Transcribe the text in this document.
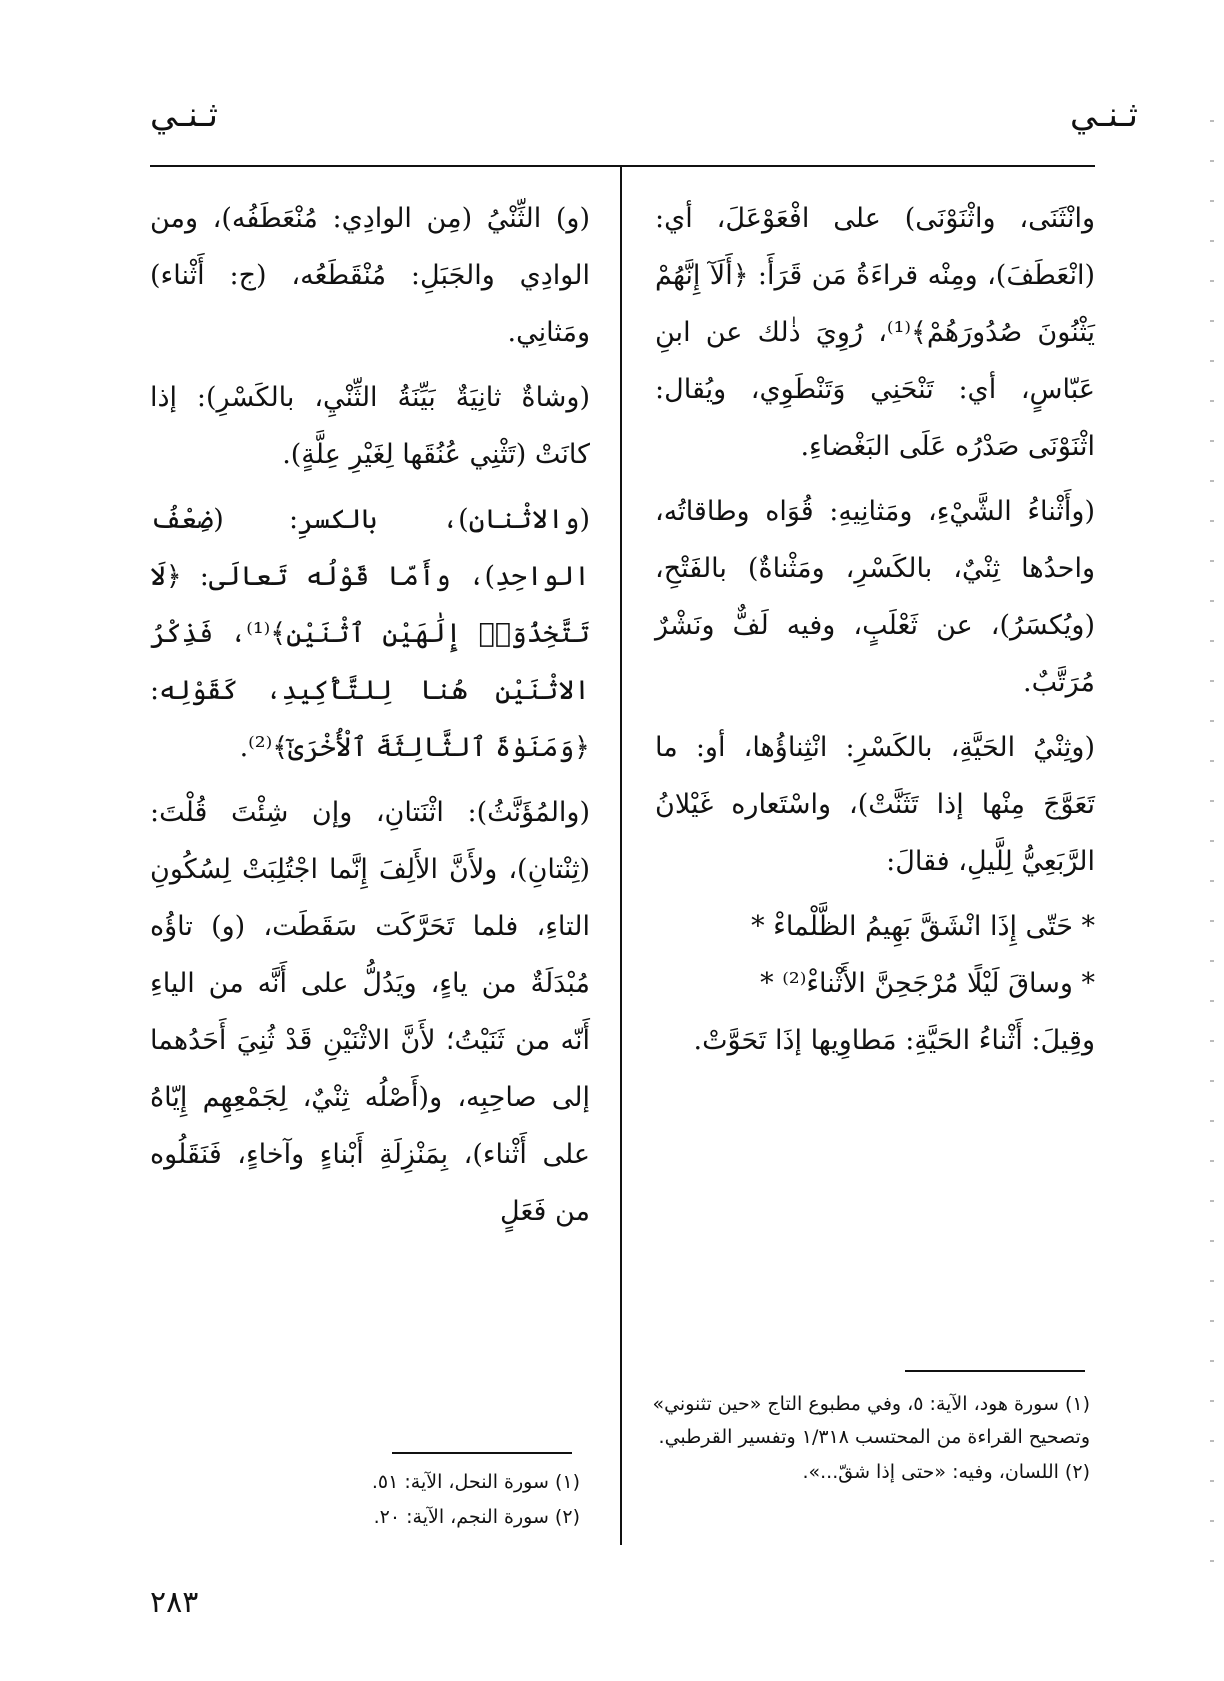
ثـنـي
ثـنـي

وانْثَنَى، واثْنَوْنَى) على افْعَوْعَلَ، أي: (انْعَطَفَ)، ومِنْه قراءَةُ مَن قَرَأَ: ﴿أَلَآ إِنَّهُمْ يَثْنُونَ صُدُورَهُمْ﴾⁽¹⁾، رُوِيَ ذٰلك عن ابنِ عَبّاسٍ، أي: تَنْحَنِي وَتَنْطَوِي، ويُقال: اثْنَوْنَى صَدْرُه عَلَى البَغْضاءِ.

(وأَثْناءُ الشَّيْءِ، ومَثانِيهِ: قُوَاه وطاقاتُه، واحدُها ثِنْيٌ، بالكَسْرِ، ومَثْناةٌ) بالفَتْحِ، (ويُكسَرُ)، عن ثَعْلَبٍ، وفيه لَفٌّ ونَشْرٌ مُرَتَّبٌ.

(وثِنْيُ الحَيَّةِ، بالكَسْرِ: انْثِناؤُها، أو: ما تَعَوَّجَ مِنْها إذا تَثَنَّتْ)، واسْتَعاره غَيْلانُ الرَّبَعِيُّ لِلَّيلِ، فقالَ:

* حَتّى إِذَا انْشَقَّ بَهِيمُ الظَّلْماءْ *

* وساقَ لَيْلًا مُرْجَحِنَّ الأَثْناءْ⁽²⁾ *

وقِيلَ: أَثْناءُ الحَيَّةِ: مَطاوِيها إذَا تَحَوَّتْ.

(و) الثِّنْيُ (مِن الوادِي: مُنْعَطَفُه)، ومن الوادِي والجَبَلِ: مُنْقَطَعُه، (ج: أَثْناء) ومَثانِي.

(وشاةٌ ثانِيَةٌ بَيِّنَةُ الثِّنْيِ، بالكَسْرِ): إذا كانَتْ (تَثْنِي عُنُقَها لِغَيْرِ عِلَّةٍ).

(والاثْنانِ)، بالكسرِ: (ضِعْفُ الواحِدِ)، وأَمّا قَوْلُه تَعالَى: ﴿لَا تَتَّخِذُوٓا۟ إِلَٰهَيْنِ ٱثْنَيْنِ﴾⁽¹⁾، فَذِكْرُ الاثْنَيْنِ هُنا لِلتَّأْكِيدِ، كَقَوْلِه: ﴿وَمَنَوٰةَ ٱلثَّالِثَةَ ٱلْأُخْرَىٰٓ﴾⁽²⁾.

(والمُؤَنَّثُ): اثْنَتانِ، وإن شِئْتَ قُلْتَ: (ثِنْتانِ)، ولأَنَّ الأَلِفَ إِنَّما اجْتُلِبَتْ لِسُكُونِ التاءِ، فلما تَحَرَّكَت سَقَطَت، (و) تاؤُه مُبْدَلَةٌ من ياءٍ، ويَدُلُّ على أَنَّه من الياءِ أَنّه من ثَنَيْتُ؛ لأَنَّ الاثْنَيْنِ قَدْ ثُنِيَ أَحَدُهما إلى صاحِبِه، و(أَصْلُه ثِنْيٌ، لِجَمْعِهِم إِيّاهُ على أَثْناء)، بِمَنْزِلَةِ أَبْناءٍ وآخاءٍ، فَنَقَلُوه من فَعَلٍ

(١) سورة هود، الآية: ٥، وفي مطبوع التاج «حين تثنوني» وتصحيح القراءة من المحتسب ١/٣١٨ وتفسير القرطبي.

(٢) اللسان، وفيه: «حتى إذا شقّ...».

(١) سورة النحل، الآية: ٥١.

(٢) سورة النجم، الآية: ٢٠.

٢٨٣
